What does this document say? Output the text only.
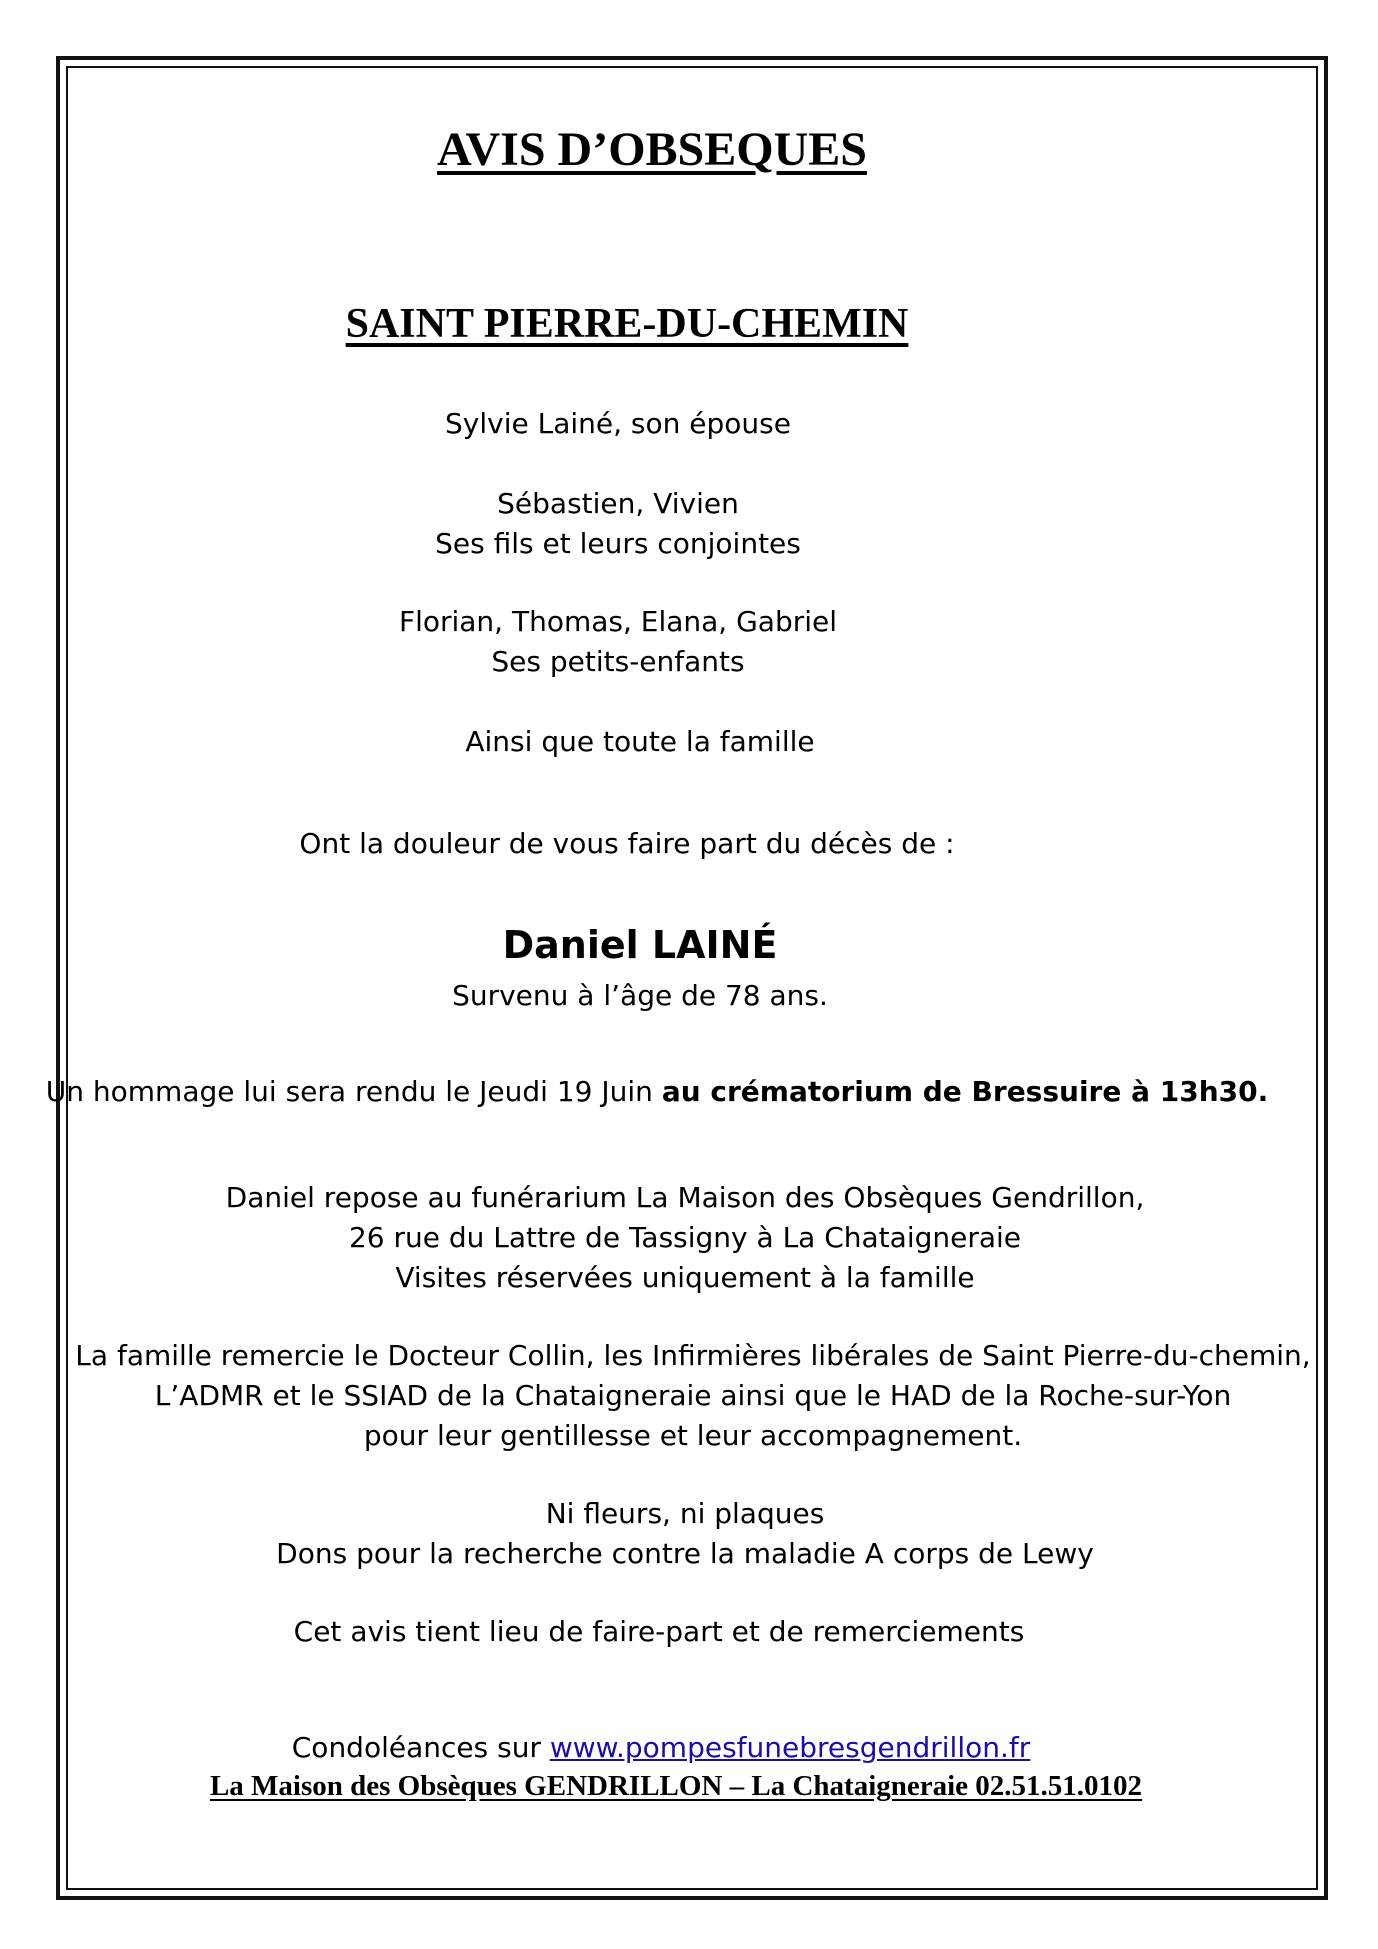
AVIS D’OBSEQUES
SAINT PIERRE-DU-CHEMIN
Sylvie Lainé, son épouse
Sébastien, Vivien
Ses fils et leurs conjointes
Florian, Thomas, Elana, Gabriel
Ses petits-enfants
Ainsi que toute la famille
Ont la douleur de vous faire part du décès de :
Daniel LAINÉ
Survenu à l’âge de 78 ans.
Un hommage lui sera rendu le Jeudi 19 Juin au crématorium de Bressuire à 13h30.
Daniel repose au funérarium La Maison des Obsèques Gendrillon,
26 rue du Lattre de Tassigny à La Chataigneraie
Visites réservées uniquement à la famille
La famille remercie le Docteur Collin, les Infirmières libérales de Saint Pierre-du-chemin,
L’ADMR et le SSIAD de la Chataigneraie ainsi que le HAD de la Roche-sur-Yon
pour leur gentillesse et leur accompagnement.
Ni fleurs, ni plaques
Dons pour la recherche contre la maladie A corps de Lewy
Cet avis tient lieu de faire-part et de remerciements
Condoléances sur www.pompesfunebresgendrillon.fr
La Maison des Obsèques GENDRILLON – La Chataigneraie 02.51.51.0102
